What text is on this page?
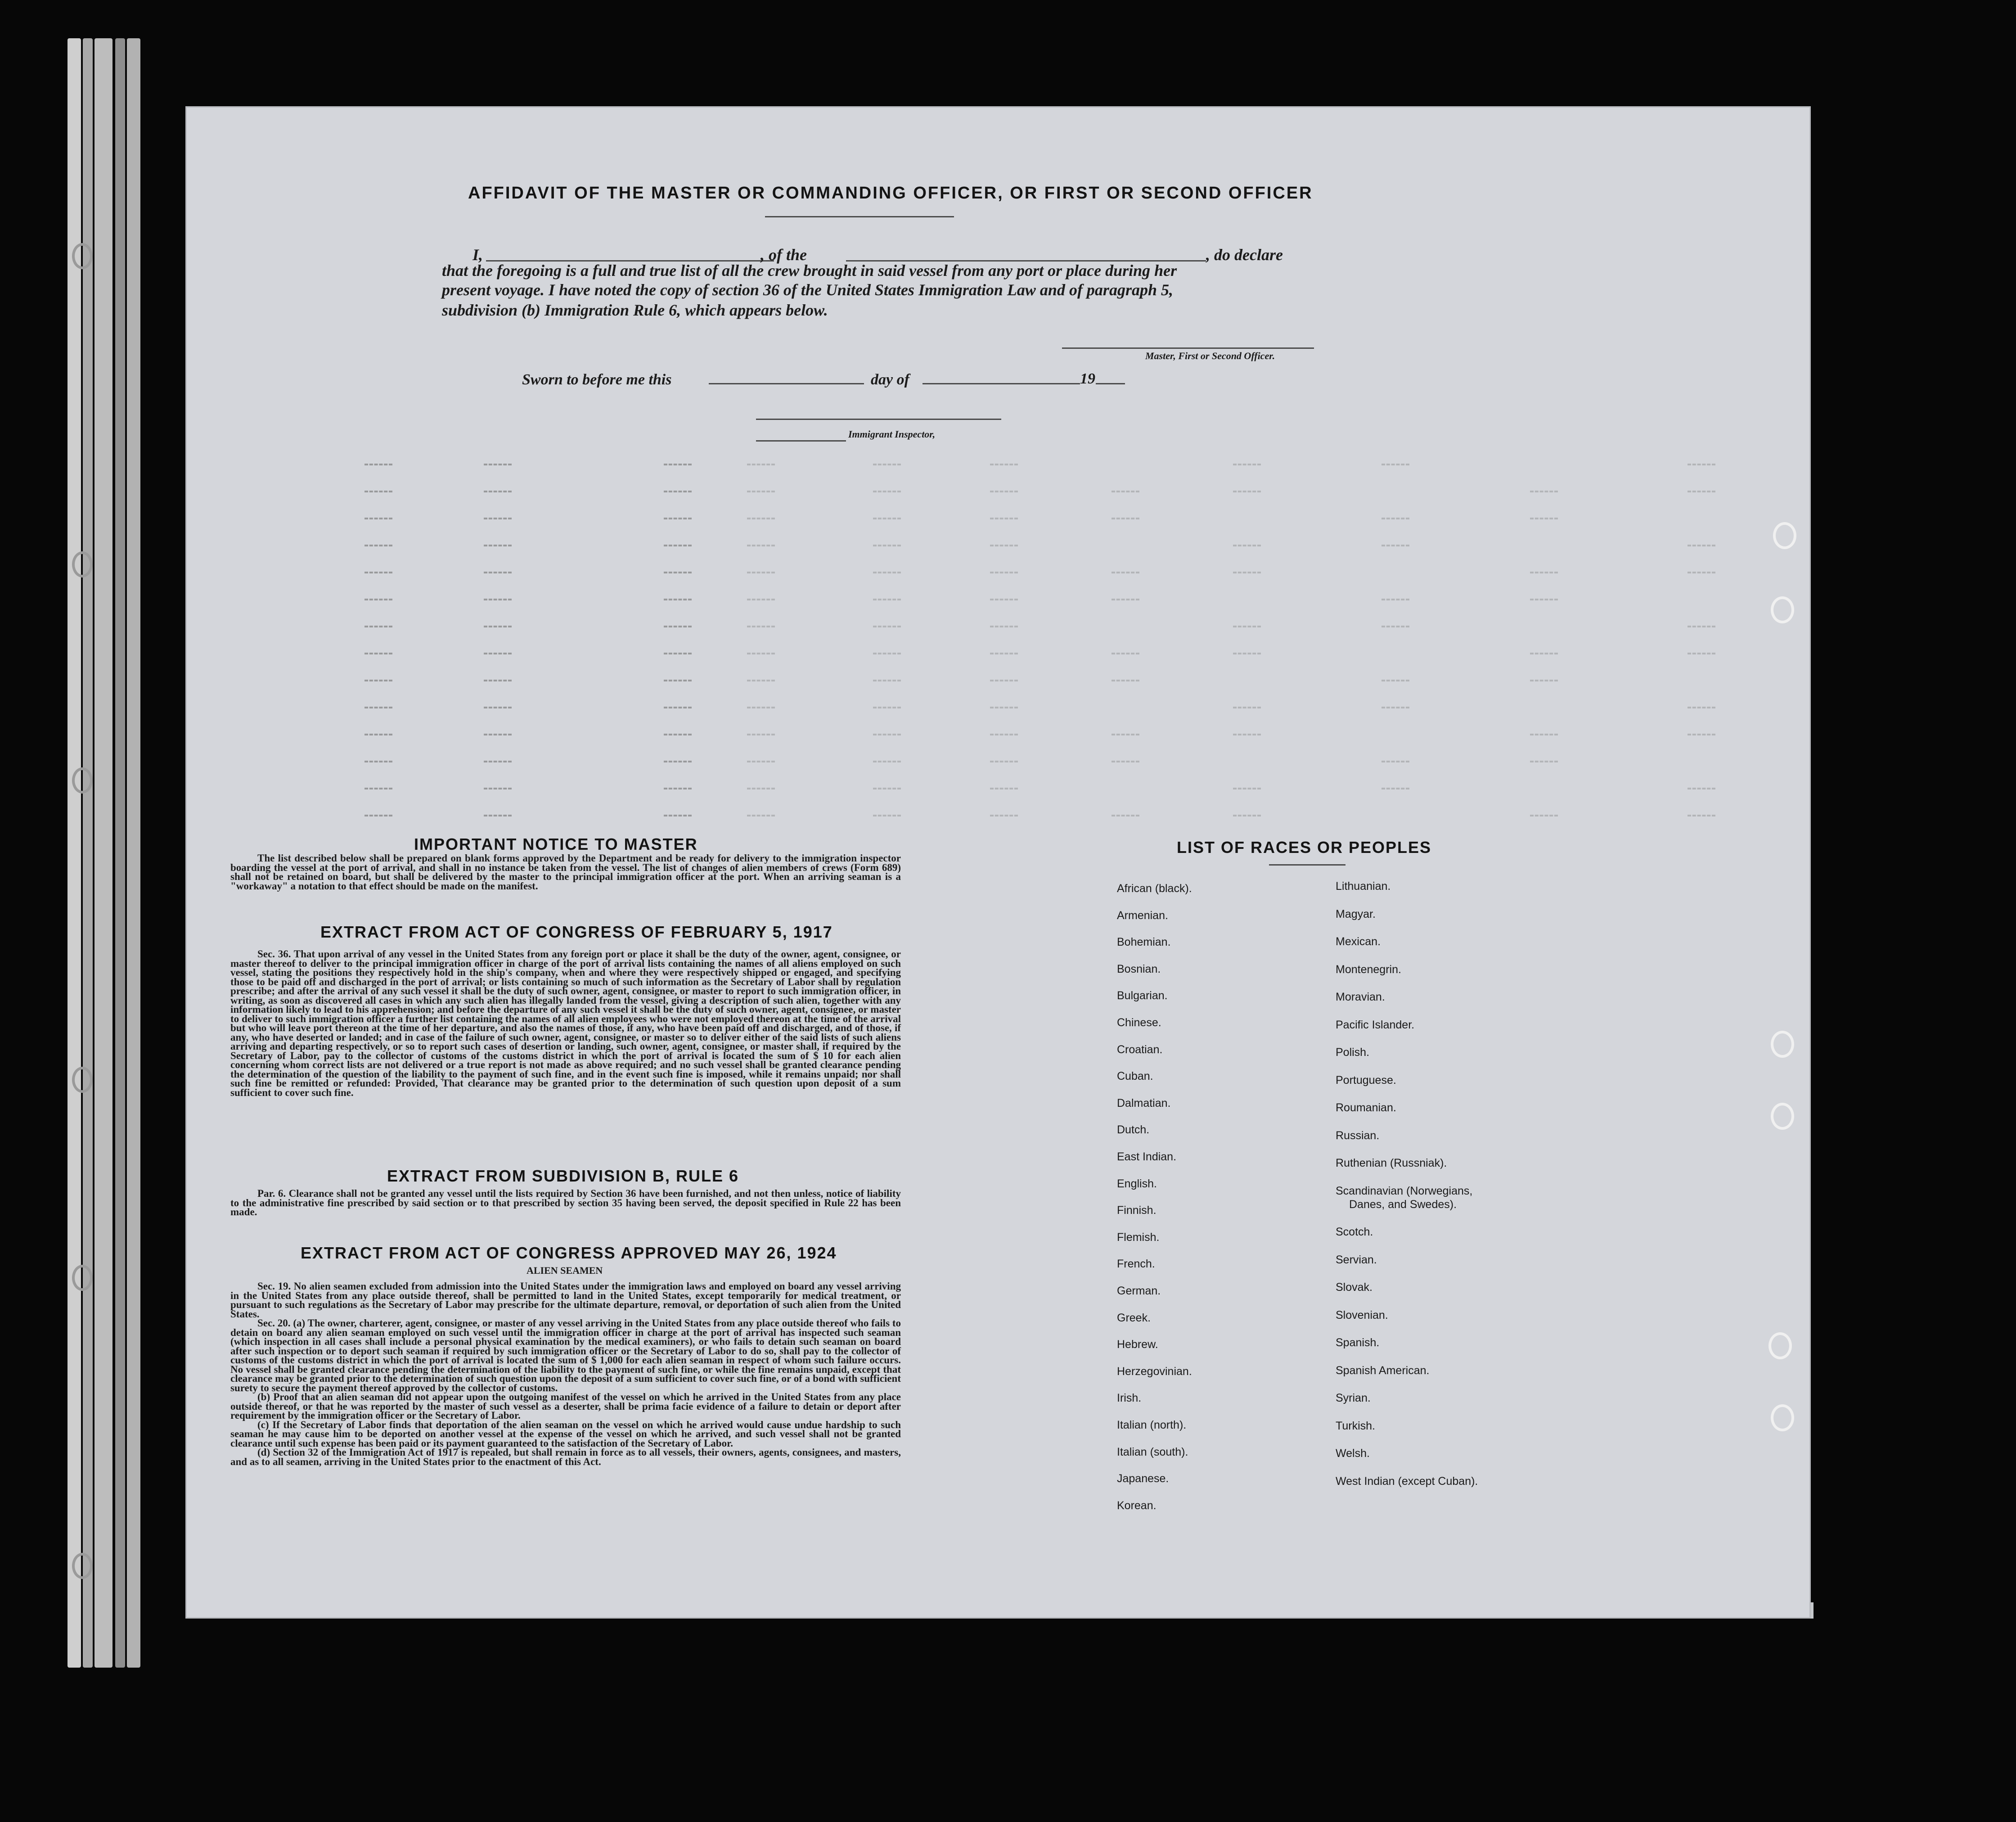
AFFIDAVIT OF THE MASTER OR COMMANDING OFFICER, OR FIRST OR SECOND OFFICER
I,	, of the	, do declare
that the foregoing is a full and true list of all the crew brought in said vessel from any port or place during her
present voyage. I have noted the copy of section 36 of the United States Immigration Law and of paragraph 5,
subdivision (b) Immigration Rule 6, which appears below.
Master, First or Second Officer.
Sworn to before me this	day of	19
Immigrant Inspector,
IMPORTANT NOTICE TO MASTER

The list described below shall be prepared on blank forms approved by the Department and be ready for delivery to the immigration inspector boarding the vessel at the port of arrival, and shall in no instance be taken from the vessel. The list of changes of alien members of crews (Form 689) shall not be retained on board, but shall be delivered by the master to the principal immigration officer at the port. When an arriving seaman is a "workaway" a notation to that effect should be made on the manifest.

EXTRACT FROM ACT OF CONGRESS OF FEBRUARY 5, 1917

Sec. 36. That upon arrival of any vessel in the United States from any foreign port or place it shall be the duty of the owner, agent, consignee, or master thereof to deliver to the principal immigration officer in charge of the port of arrival lists containing the names of all aliens employed on such vessel, stating the positions they respectively hold in the ship's company, when and where they were respectively shipped or engaged, and specifying those to be paid off and discharged in the port of arrival; or lists containing so much of such information as the Secretary of Labor shall by regulation prescribe; and after the arrival of any such vessel it shall be the duty of such owner, agent, consignee, or master to report to such immigration officer, in writing, as soon as discovered all cases in which any such alien has illegally landed from the vessel, giving a description of such alien, together with any information likely to lead to his apprehension; and before the departure of any such vessel it shall be the duty of such owner, agent, consignee, or master to deliver to such immigration officer a further list containing the names of all alien employees who were not employed thereon at the time of the arrival but who will leave port thereon at the time of her departure, and also the names of those, if any, who have been paid off and discharged, and of those, if any, who have deserted or landed; and in case of the failure of such owner, agent, consignee, or master so to deliver either of the said lists of such aliens arriving and departing respectively, or so to report such cases of desertion or landing, such owner, agent, consignee, or master shall, if required by the Secretary of Labor, pay to the collector of customs of the customs district in which the port of arrival is located the sum of $ 10 for each alien concerning whom correct lists are not delivered or a true report is not made as above required; and no such vessel shall be granted clearance pending the determination of the question of the liability to the payment of such fine, and in the event such fine is imposed, while it remains unpaid; nor shall such fine be remitted or refunded: Provided, That clearance may be granted prior to the determination of such question upon deposit of a sum sufficient to cover such fine.

EXTRACT FROM SUBDIVISION B, RULE 6

Par. 6. Clearance shall not be granted any vessel until the lists required by Section 36 have been furnished, and not then unless, notice of liability to the administrative fine prescribed by said section or to that prescribed by section 35 having been served, the deposit specified in Rule 22 has been made.

EXTRACT FROM ACT OF CONGRESS APPROVED MAY 26, 1924
ALIEN SEAMEN

Sec. 19. No alien seamen excluded from admission into the United States under the immigration laws and employed on board any vessel arriving in the United States from any place outside thereof, shall be permitted to land in the United States, except temporarily for medical treatment, or pursuant to such regulations as the Secretary of Labor may prescribe for the ultimate departure, removal, or deportation of such alien from the United States.

Sec. 20. (a) The owner, charterer, agent, consignee, or master of any vessel arriving in the United States from any place outside thereof who fails to detain on board any alien seaman employed on such vessel until the immigration officer in charge at the port of arrival has inspected such seaman (which inspection in all cases shall include a personal physical examination by the medical examiners), or who fails to detain such seaman on board after such inspection or to deport such seaman if required by such immigration officer or the Secretary of Labor to do so, shall pay to the collector of customs of the customs district in which the port of arrival is located the sum of $ 1,000 for each alien seaman in respect of whom such failure occurs. No vessel shall be granted clearance pending the determination of the liability to the payment of such fine, or while the fine remains unpaid, except that clearance may be granted prior to the determination of such question upon the deposit of a sum sufficient to cover such fine, or of a bond with sufficient surety to secure the payment thereof approved by the collector of customs.

(b) Proof that an alien seaman did not appear upon the outgoing manifest of the vessel on which he arrived in the United States from any place outside thereof, or that he was reported by the master of such vessel as a deserter, shall be prima facie evidence of a failure to detain or deport after requirement by the immigration officer or the Secretary of Labor.

(c) If the Secretary of Labor finds that deportation of the alien seaman on the vessel on which he arrived would cause undue hardship to such seaman he may cause him to be deported on another vessel at the expense of the vessel on which he arrived, and such vessel shall not be granted clearance until such expense has been paid or its payment guaranteed to the satisfaction of the Secretary of Labor.

(d) Section 32 of the Immigration Act of 1917 is repealed, but shall remain in force as to all vessels, their owners, agents, consignees, and masters, and as to all seamen, arriving in the United States prior to the enactment of this Act.

LIST OF RACES OR PEOPLES
African (black).
Armenian.
Bohemian.
Bosnian.
Bulgarian.
Chinese.
Croatian.
Cuban.
Dalmatian.
Dutch.
East Indian.
English.
Finnish.
Flemish.
French.
German.
Greek.
Hebrew.
Herzegovinian.
Irish.
Italian (north).
Italian (south).
Japanese.
Korean.
Lithuanian.
Magyar.
Mexican.
Montenegrin.
Moravian.
Pacific Islander.
Polish.
Portuguese.
Roumanian.
Russian.
Ruthenian (Russniak).
Scandinavian (Norwegians,
Danes, and Swedes).
Scotch.
Servian.
Slovak.
Slovenian.
Spanish.
Spanish American.
Syrian.
Turkish.
Welsh.
West Indian (except Cuban).
